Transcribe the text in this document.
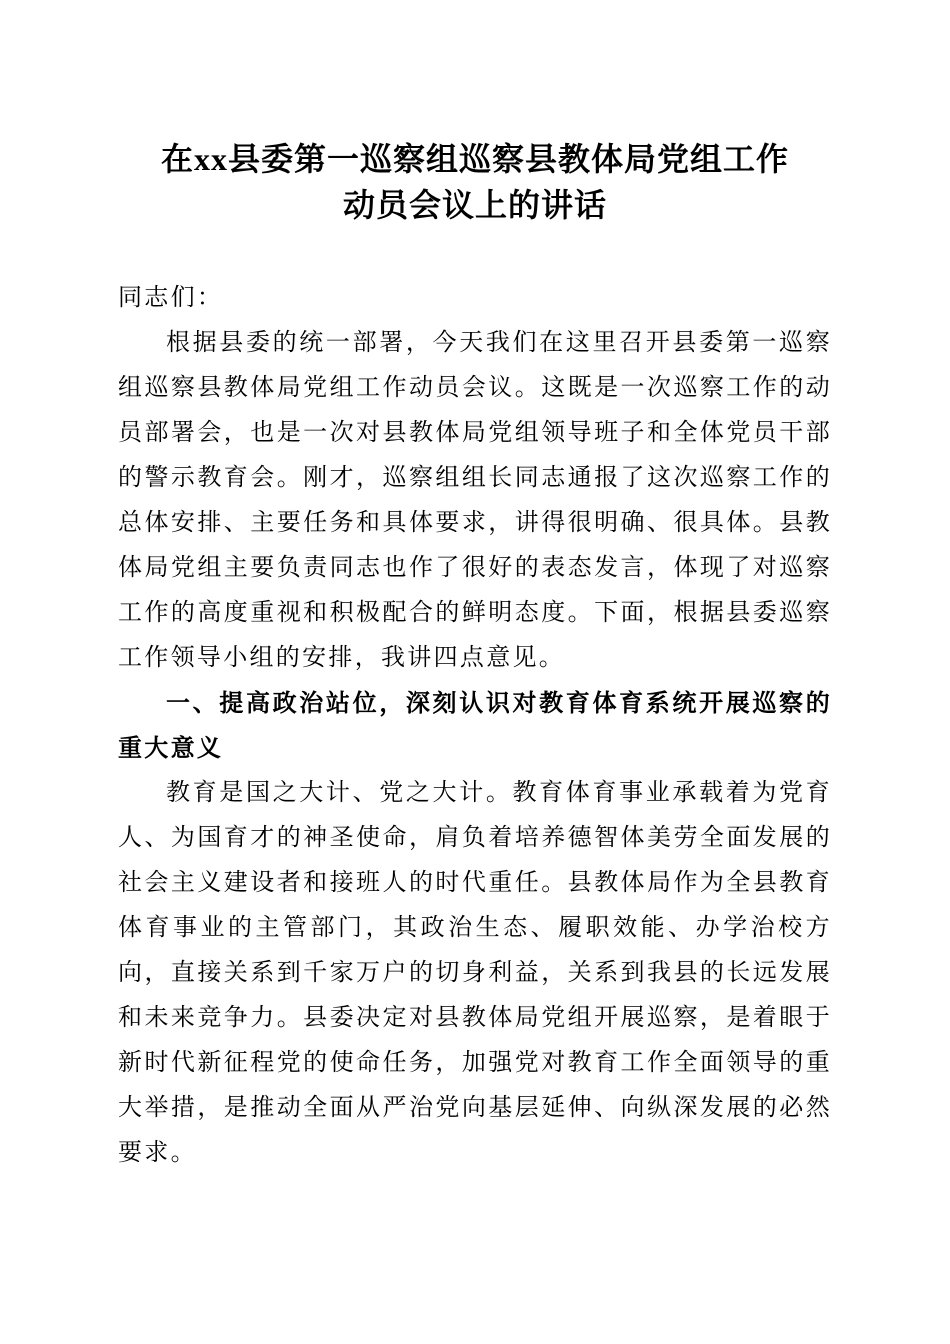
在xx县委第一巡察组巡察县教体局党组工作
动员会议上的讲话

同志们：

根据县委的统一部署，今天我们在这里召开县委第一巡察组巡察县教体局党组工作动员会议。这既是一次巡察工作的动员部署会，也是一次对县教体局党组领导班子和全体党员干部的警示教育会。刚才，巡察组组长同志通报了这次巡察工作的总体安排、主要任务和具体要求，讲得很明确、很具体。县教体局党组主要负责同志也作了很好的表态发言，体现了对巡察工作的高度重视和积极配合的鲜明态度。下面，根据县委巡察工作领导小组的安排，我讲四点意见。

一、提高政治站位，深刻认识对教育体育系统开展巡察的重大意义

教育是国之大计、党之大计。教育体育事业承载着为党育人、为国育才的神圣使命，肩负着培养德智体美劳全面发展的社会主义建设者和接班人的时代重任。县教体局作为全县教育体育事业的主管部门，其政治生态、履职效能、办学治校方向，直接关系到千家万户的切身利益，关系到我县的长远发展和未来竞争力。县委决定对县教体局党组开展巡察，是着眼于新时代新征程党的使命任务，加强党对教育工作全面领导的重大举措，是推动全面从严治党向基层延伸、向纵深发展的必然要求。
